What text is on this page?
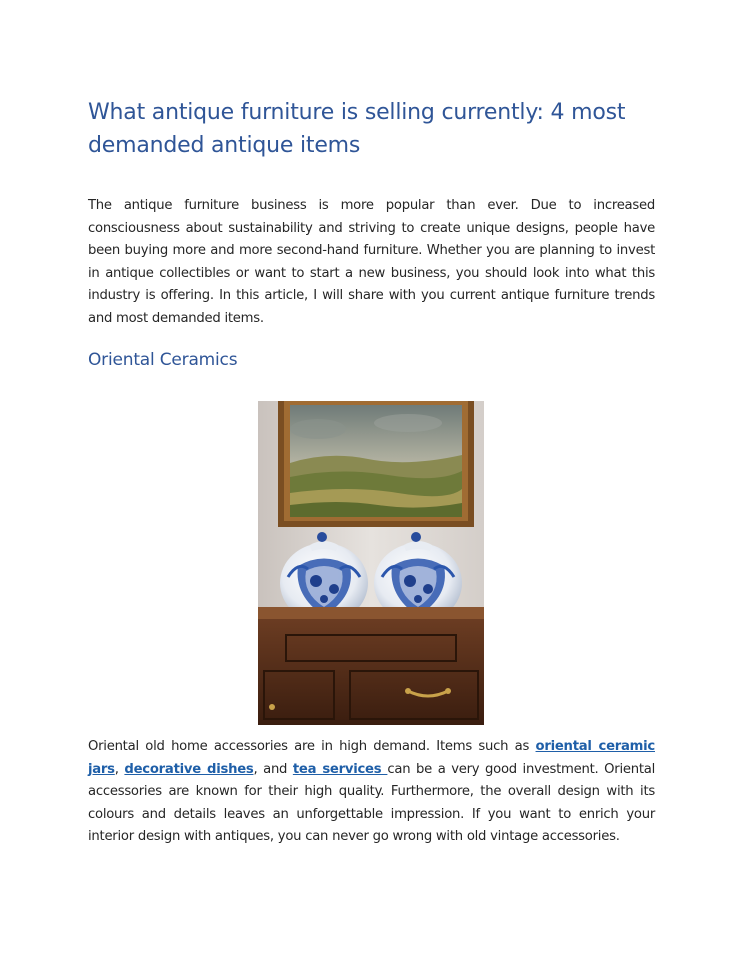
What antique furniture is selling currently: 4 most demanded antique items

The antique furniture business is more popular than ever. Due to increased consciousness about sustainability and striving to create unique designs, people have been buying more and more second-hand furniture. Whether you are planning to invest in antique collectibles or want to start a new business, you should look into what this industry is offering. In this article, I will share with you current antique furniture trends and most demanded items.

Oriental Ceramics

Oriental old home accessories are in high demand. Items such as oriental ceramic jars, decorative dishes, and tea services can be a very good investment. Oriental accessories are known for their high quality. Furthermore, the overall design with its colours and details leaves an unforgettable impression. If you want to enrich your interior design with antiques, you can never go wrong with old vintage accessories.
